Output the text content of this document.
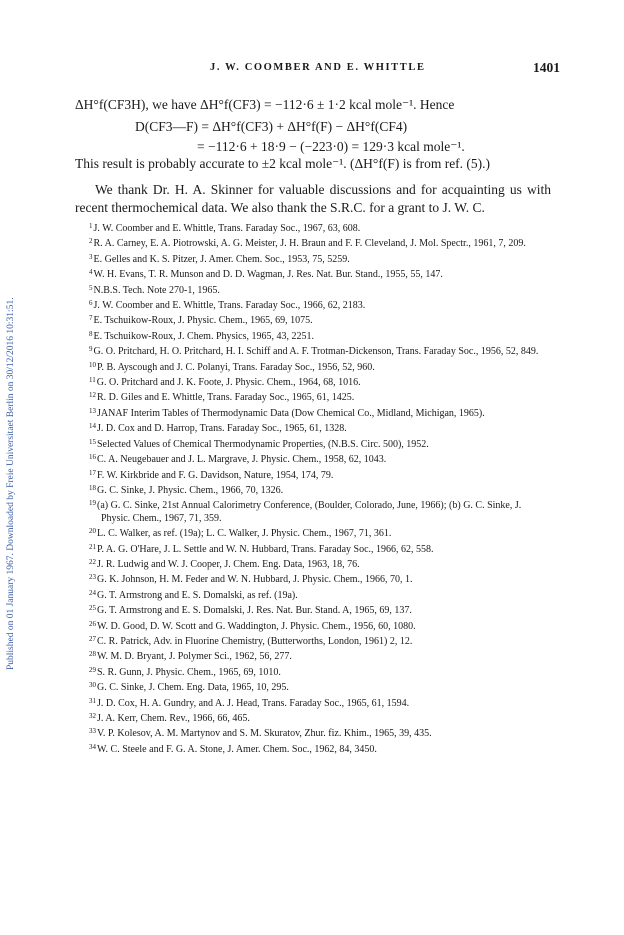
Published on 01 January 1967. Downloaded by Freie Universitaet Berlin on 30/12/2016 10:31:51.
J. W. COOMBER AND E. WHITTLE	1401
ΔH°f(CF3H), we have ΔH°f(CF3) = −112·6 ± 1·2 kcal mole⁻¹. Hence
D(CF3—F) = ΔH°f(CF3) + ΔH°f(F) − ΔH°f(CF4)
= −112·6 + 18·9 − (−223·0) = 129·3 kcal mole⁻¹.
This result is probably accurate to ±2 kcal mole⁻¹. (ΔH°f(F) is from ref. (5).)
We thank Dr. H. A. Skinner for valuable discussions and for acquainting us with recent thermochemical data. We also thank the S.R.C. for a grant to J. W. C.
$^1$J. W. Coomber and E. Whittle, Trans. Faraday Soc., 1967, 63, 608.
$^2$R. A. Carney, E. A. Piotrowski, A. G. Meister, J. H. Braun and F. F. Cleveland, J. Mol. Spectr., 1961, 7, 209.
$^3$E. Gelles and K. S. Pitzer, J. Amer. Chem. Soc., 1953, 75, 5259.
$^4$W. H. Evans, T. R. Munson and D. D. Wagman, J. Res. Nat. Bur. Stand., 1955, 55, 147.
$^5$N.B.S. Tech. Note 270-1, 1965.
$^6$J. W. Coomber and E. Whittle, Trans. Faraday Soc., 1966, 62, 2183.
$^7$E. Tschuikow-Roux, J. Physic. Chem., 1965, 69, 1075.
$^8$E. Tschuikow-Roux, J. Chem. Physics, 1965, 43, 2251.
$^9$G. O. Pritchard, H. O. Pritchard, H. I. Schiff and A. F. Trotman-Dickenson, Trans. Faraday Soc., 1956, 52, 849.
$^{10}$P. B. Ayscough and J. C. Polanyi, Trans. Faraday Soc., 1956, 52, 960.
$^{11}$G. O. Pritchard and J. K. Foote, J. Physic. Chem., 1964, 68, 1016.
$^{12}$R. D. Giles and E. Whittle, Trans. Faraday Soc., 1965, 61, 1425.
$^{13}$JANAF Interim Tables of Thermodynamic Data (Dow Chemical Co., Midland, Michigan, 1965).
$^{14}$J. D. Cox and D. Harrop, Trans. Faraday Soc., 1965, 61, 1328.
$^{15}$Selected Values of Chemical Thermodynamic Properties, (N.B.S. Circ. 500), 1952.
$^{16}$C. A. Neugebauer and J. L. Margrave, J. Physic. Chem., 1958, 62, 1043.
$^{17}$F. W. Kirkbride and F. G. Davidson, Nature, 1954, 174, 79.
$^{18}$G. C. Sinke, J. Physic. Chem., 1966, 70, 1326.
$^{19}$(a) G. C. Sinke, 21st Annual Calorimetry Conference, (Boulder, Colorado, June, 1966); (b) G. C. Sinke, J. Physic. Chem., 1967, 71, 359.
$^{20}$L. C. Walker, as ref. (19a); L. C. Walker, J. Physic. Chem., 1967, 71, 361.
$^{21}$P. A. G. O'Hare, J. L. Settle and W. N. Hubbard, Trans. Faraday Soc., 1966, 62, 558.
$^{22}$J. R. Ludwig and W. J. Cooper, J. Chem. Eng. Data, 1963, 18, 76.
$^{23}$G. K. Johnson, H. M. Feder and W. N. Hubbard, J. Physic. Chem., 1966, 70, 1.
$^{24}$G. T. Armstrong and E. S. Domalski, as ref. (19a).
$^{25}$G. T. Armstrong and E. S. Domalski, J. Res. Nat. Bur. Stand. A, 1965, 69, 137.
$^{26}$W. D. Good, D. W. Scott and G. Waddington, J. Physic. Chem., 1956, 60, 1080.
$^{27}$C. R. Patrick, Adv. in Fluorine Chemistry, (Butterworths, London, 1961) 2, 12.
$^{28}$W. M. D. Bryant, J. Polymer Sci., 1962, 56, 277.
$^{29}$S. R. Gunn, J. Physic. Chem., 1965, 69, 1010.
$^{30}$G. C. Sinke, J. Chem. Eng. Data, 1965, 10, 295.
$^{31}$J. D. Cox, H. A. Gundry, and A. J. Head, Trans. Faraday Soc., 1965, 61, 1594.
$^{32}$J. A. Kerr, Chem. Rev., 1966, 66, 465.
$^{33}$V. P. Kolesov, A. M. Martynov and S. M. Skuratov, Zhur. fiz. Khim., 1965, 39, 435.
$^{34}$W. C. Steele and F. G. A. Stone, J. Amer. Chem. Soc., 1962, 84, 3450.
